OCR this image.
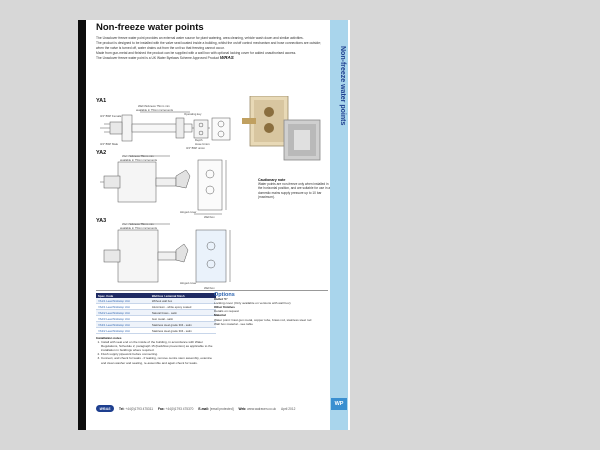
Non-freeze water points

The Unaclover freeze water point provides an external water source for plant watering, area cleaning, vehicle wash down and similar activities.

The product is designed to be installed with the valve seat located inside a building, whilst the on/off control mechanism and hose connections are outside; when the valve is turned off, water drains out from the unit so that freezing cannot occur.

Made from gun-metal and finished the product can be supplied with a wall box with optional locking cover for added unauthorised access.

The Unaclover freeze water point is a UK Water Byelaws Scheme Approved Product WRAS

YA1
YA2
YA3
Wall thickness 75mm min
available in 75mm increments
3/4" BSP Female	Operating key
3/4" BSP Male
Depth
Hose Union
3/4" BSP union
Wall thickness 75mm min
available in 75mm increments
Hinged cover
Wall box
Wall thickness 75mm min
available in 75mm increments
Hinged cover
Wall box
Cautionary note
Water points are non-freeze only when installed in the horizontal position, and are suitable for use in a domestic mains supply pressure up to 10 bar (maximum).
Spec. Code	Wall box / external finish
YA1/1 Lead Nickstop Unit	Without wall box
YA2/1 Lead Nickstop Unit	Aluminium - white epoxy coated
YA2/2 Lead Nickstop Unit	Natural brass - satin
YA2/3 Lead Nickstop Unit	Gun metal - satin
YA3/1 Lead Nickstop Unit	Stainless steel grade 304 - satin
YA3/2 Lead Nickstop Unit	Stainless steel grade 304 - satin
Options
Outlet 'C'
Locking cover (Only available on versions with wall box)
Other finishes
Details on request
Material
Water point: Cast gun metal, copper tube, brass rod, stainless steel rod
Wall box material - see table
Installation notes
1. Install with seat end on the inside of the building, in accordance with Water Regulations, Schedule 2, paragraph 15 (backflow prevention) as applicable to the installation in buildings where required.
2. Flush supply pipework before connecting.
3. Connect, and check for leaks - if leaking, remove centre stem assembly, examine and clean washer and seating, re-assemble and again check for leaks.
WRAS	Tel: +44(0)1793 475311 Fax: +44(0)1793 475370 E-mail: [email protected] Web: www.walraven.co.uk April 2012
Non-freeze water points
WP
